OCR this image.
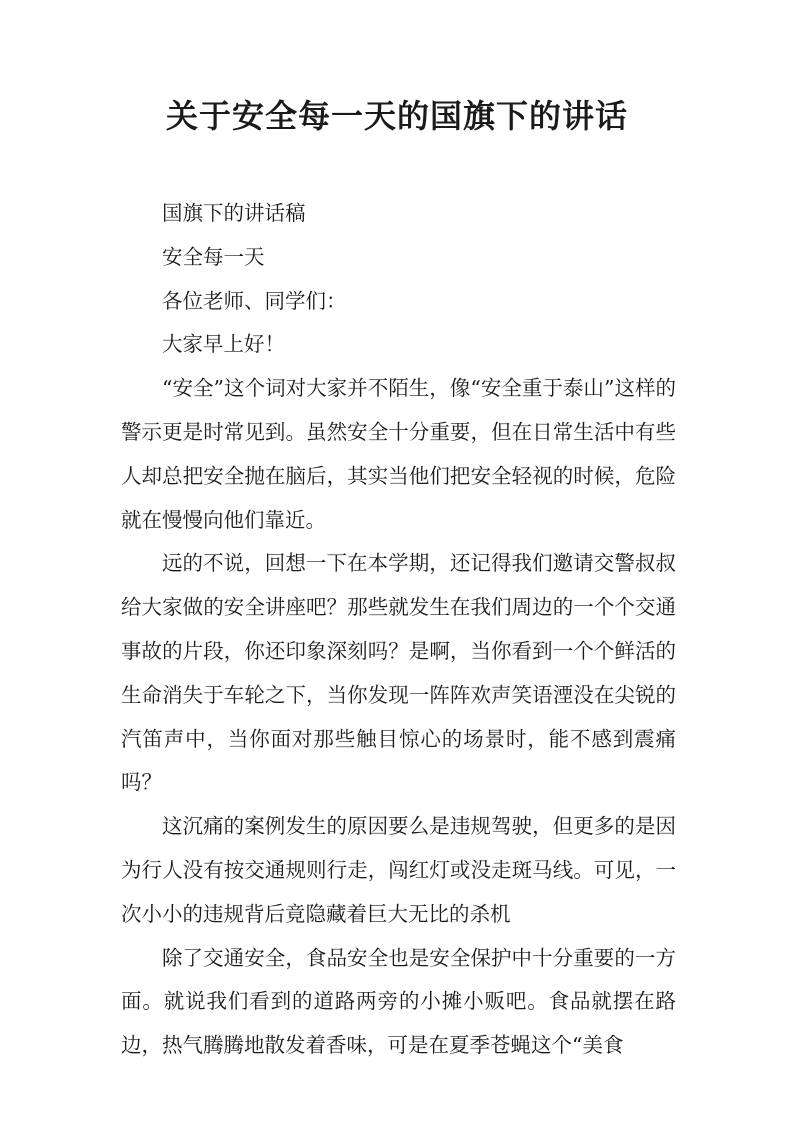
关于安全每一天的国旗下的讲话

国旗下的讲话稿

安全每一天

各位老师、同学们：

大家早上好！

“安全”这个词对大家并不陌生，像“安全重于泰山”这样的警示更是时常见到。虽然安全十分重要，但在日常生活中有些人却总把安全抛在脑后，其实当他们把安全轻视的时候，危险就在慢慢向他们靠近。

远的不说，回想一下在本学期，还记得我们邀请交警叔叔给大家做的安全讲座吧？那些就发生在我们周边的一个个交通事故的片段，你还印象深刻吗？是啊，当你看到一个个鲜活的生命消失于车轮之下，当你发现一阵阵欢声笑语湮没在尖锐的汽笛声中，当你面对那些触目惊心的场景时，能不感到震痛吗？

这沉痛的案例发生的原因要么是违规驾驶，但更多的是因为行人没有按交通规则行走，闯红灯或没走斑马线。可见，一次小小的违规背后竟隐藏着巨大无比的杀机

除了交通安全，食品安全也是安全保护中十分重要的一方面。就说我们看到的道路两旁的小摊小贩吧。食品就摆在路边，热气腾腾地散发着香味，可是在夏季苍蝇这个“美食
